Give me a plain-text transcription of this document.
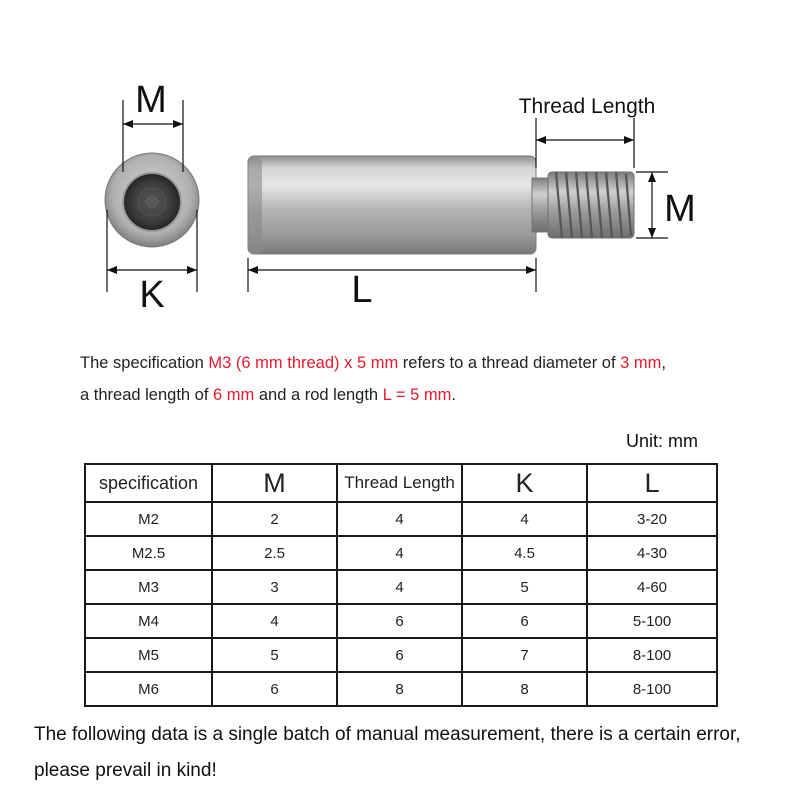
M
K
Thread Length
M
L
The specification M3 (6 mm thread) x 5 mm refers to a thread diameter of 3 mm,
a thread length of 6 mm and a rod length L = 5 mm.
Unit: mm
specification	M	Thread Length	K	L
M2	2	4	4	3-20
M2.5	2.5	4	4.5	4-30
M3	3	4	5	4-60
M4	4	6	6	5-100
M5	5	6	7	8-100
M6	6	8	8	8-100
The following data is a single batch of manual measurement, there is a certain error,
please prevail in kind!
